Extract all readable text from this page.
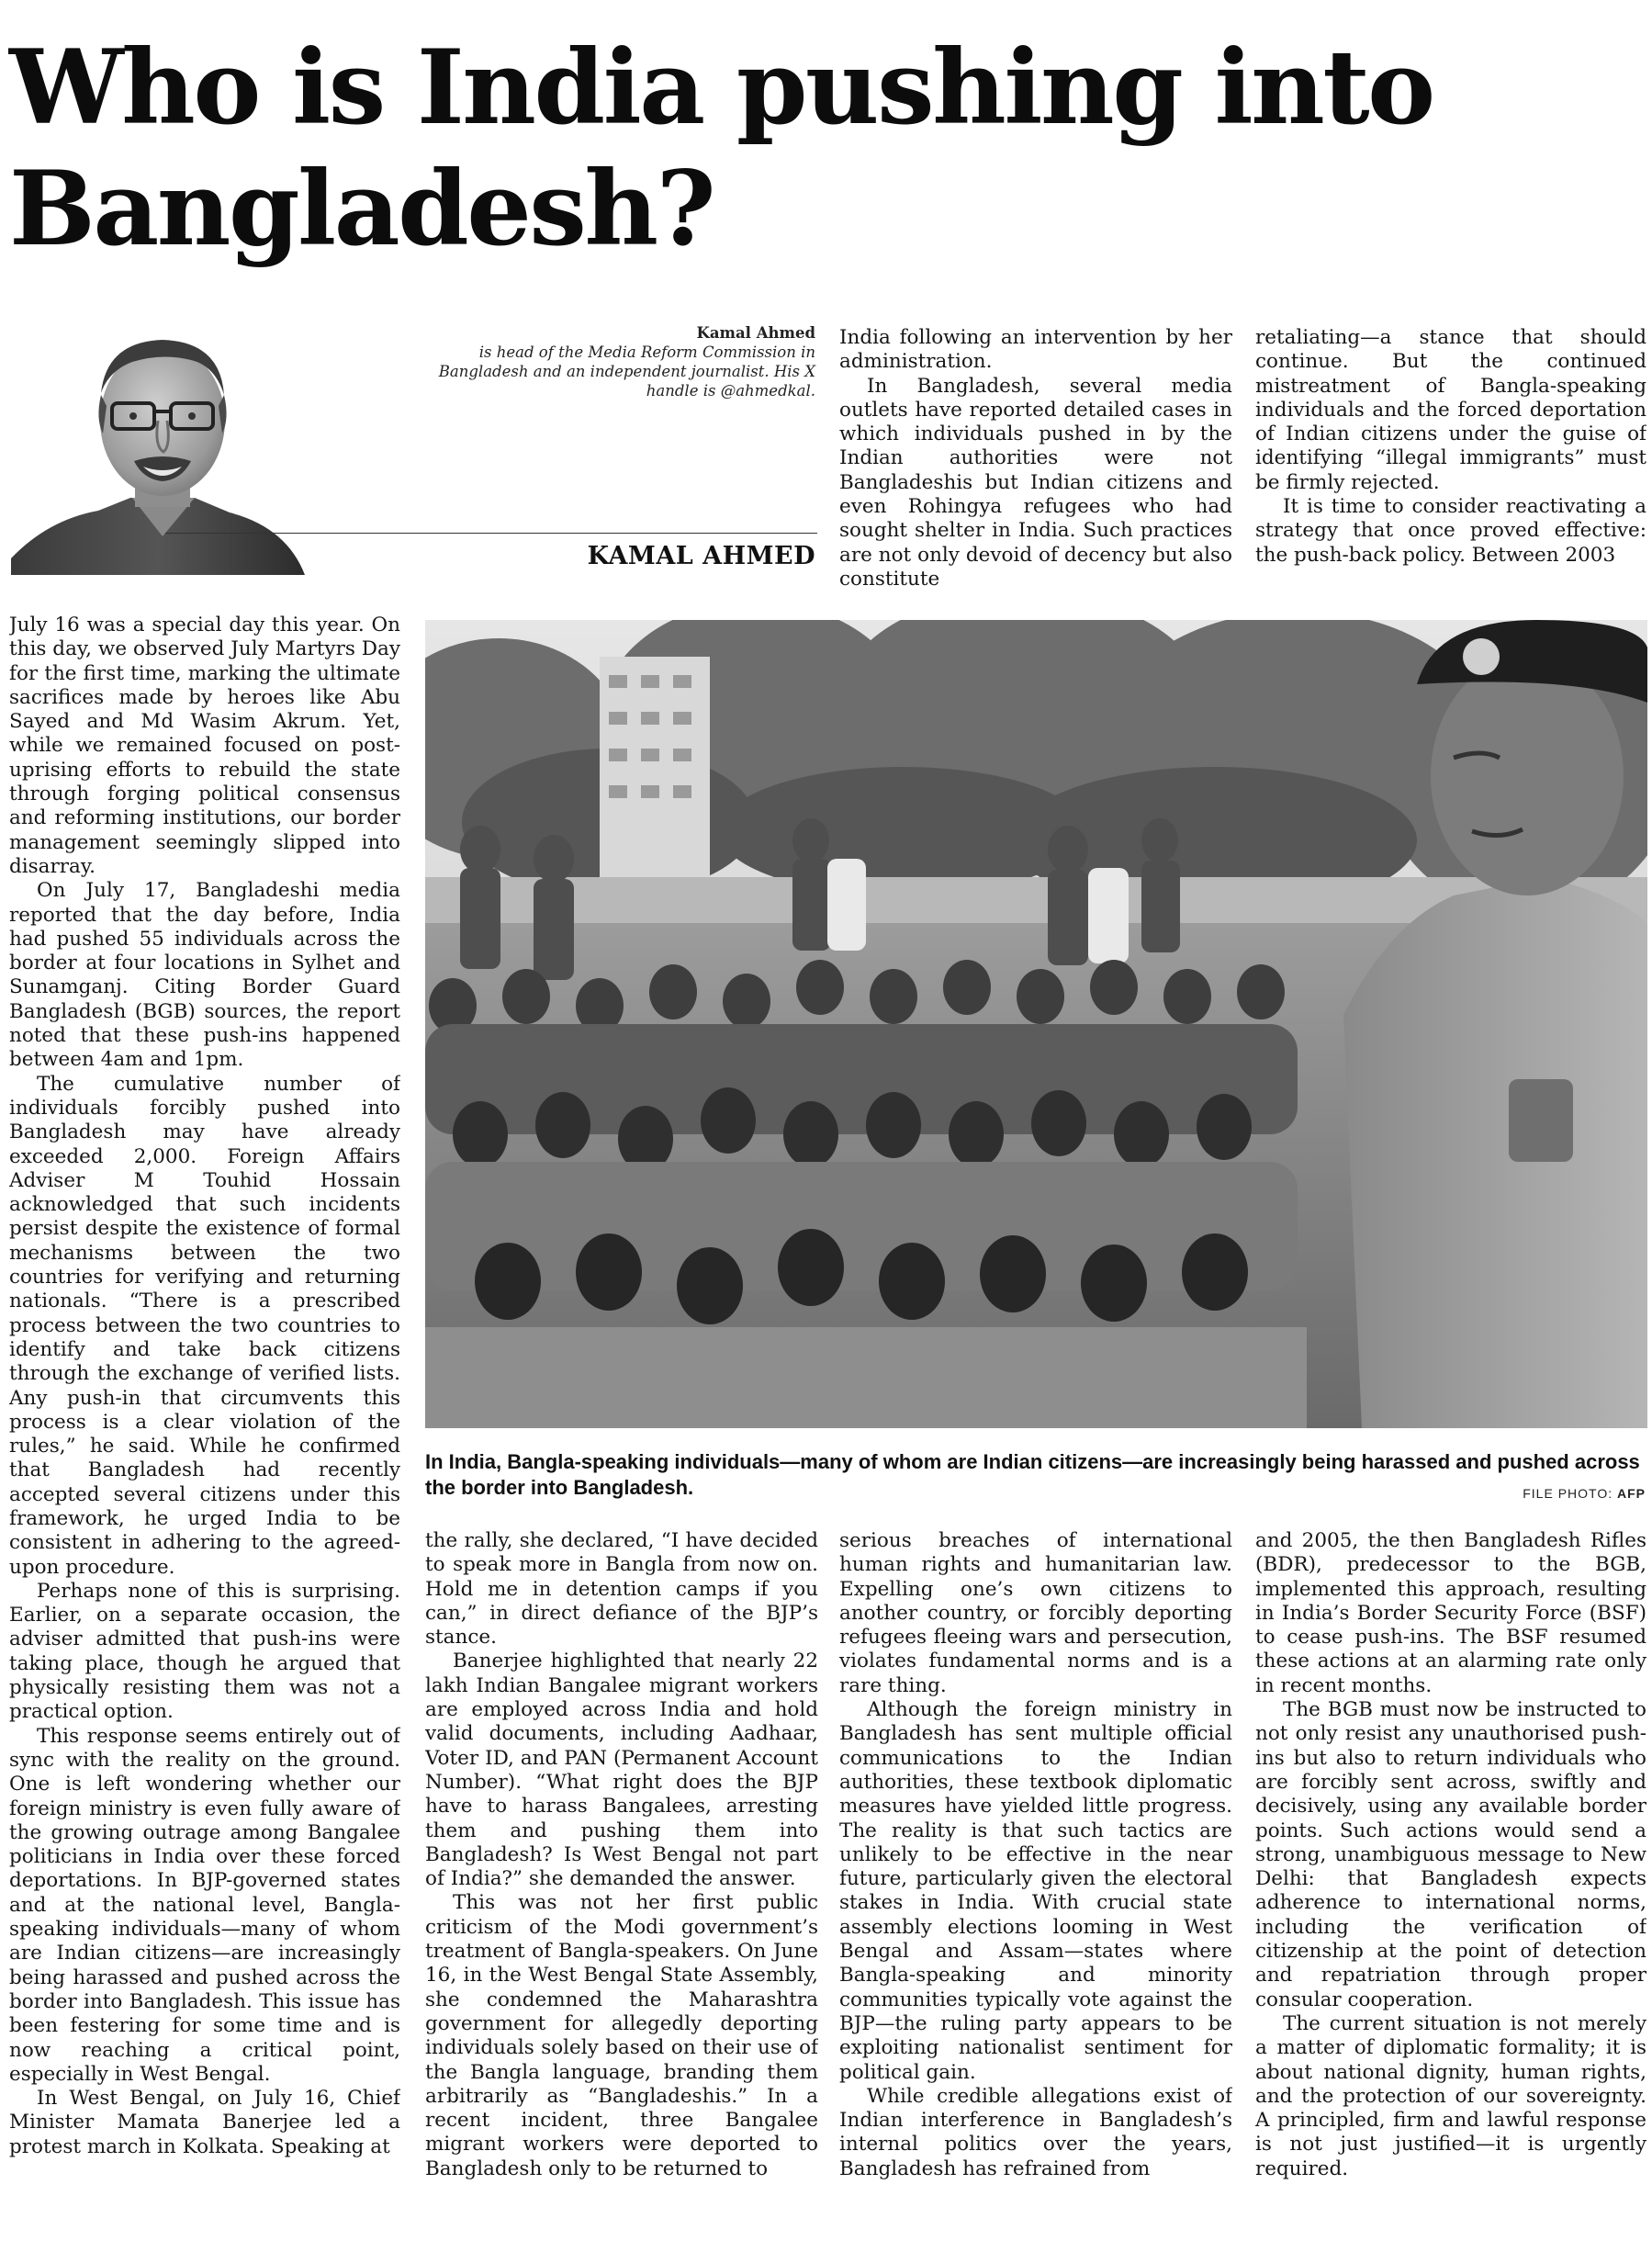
Who is India pushing into Bangladesh?
Kamal Ahmed
is head of the Media Reform Commission in Bangladesh and an independent journalist. His X handle is @ahmedkal.
KAMAL AHMED

July 16 was a special day this year. On this day, we observed July Martyrs Day for the first time, marking the ultimate sacrifices made by heroes like Abu Sayed and Md Wasim Akrum. Yet, while we remained focused on post-uprising efforts to rebuild the state through forging political consensus and reforming institutions, our border management seemingly slipped into disarray.

On July 17, Bangladeshi media reported that the day before, India had pushed 55 individuals across the border at four locations in Sylhet and Sunamganj. Citing Border Guard Bangladesh (BGB) sources, the report noted that these push-ins happened between 4am and 1pm.

The cumulative number of individuals forcibly pushed into Bangladesh may have already exceeded 2,000. Foreign Affairs Adviser M Touhid Hossain acknowledged that such incidents persist despite the existence of formal mechanisms between the two countries for verifying and returning nationals. “There is a prescribed process between the two countries to identify and take back citizens through the exchange of verified lists. Any push-in that circumvents this process is a clear violation of the rules,” he said. While he confirmed that Bangladesh had recently accepted several citizens under this framework, he urged India to be consistent in adhering to the agreed-upon procedure.

Perhaps none of this is surprising. Earlier, on a separate occasion, the adviser admitted that push-ins were taking place, though he argued that physically resisting them was not a practical option.

This response seems entirely out of sync with the reality on the ground. One is left wondering whether our foreign ministry is even fully aware of the growing outrage among Bangalee politicians in India over these forced deportations. In BJP-governed states and at the national level, Bangla-speaking individuals—many of whom are Indian citizens—are increasingly being harassed and pushed across the border into Bangladesh. This issue has been festering for some time and is now reaching a critical point, especially in West Bengal.

In West Bengal, on July 16, Chief Minister Mamata Banerjee led a protest march in Kolkata. Speaking at

India following an intervention by her administration.

In Bangladesh, several media outlets have reported detailed cases in which individuals pushed in by the Indian authorities were not Bangladeshis but Indian citizens and even Rohingya refugees who had sought shelter in India. Such practices are not only devoid of decency but also constitute

retaliating—a stance that should continue. But the continued mistreatment of Bangla-speaking individuals and the forced deportation of Indian citizens under the guise of identifying “illegal immigrants” must be firmly rejected.

It is time to consider reactivating a strategy that once proved effective: the push-back policy. Between 2003

In India, Bangla-speaking individuals—many of whom are Indian citizens—are increasingly being harassed and pushed across the border into Bangladesh.	FILE PHOTO: AFP

the rally, she declared, “I have decided to speak more in Bangla from now on. Hold me in detention camps if you can,” in direct defiance of the BJP’s stance.

Banerjee highlighted that nearly 22 lakh Indian Bangalee migrant workers are employed across India and hold valid documents, including Aadhaar, Voter ID, and PAN (Permanent Account Number). “What right does the BJP have to harass Bangalees, arresting them and pushing them into Bangladesh? Is West Bengal not part of India?” she demanded the answer.

This was not her first public criticism of the Modi government’s treatment of Bangla-speakers. On June 16, in the West Bengal State Assembly, she condemned the Maharashtra government for allegedly deporting individuals solely based on their use of the Bangla language, branding them arbitrarily as “Bangladeshis.” In a recent incident, three Bangalee migrant workers were deported to Bangladesh only to be returned to

serious breaches of international human rights and humanitarian law. Expelling one’s own citizens to another country, or forcibly deporting refugees fleeing wars and persecution, violates fundamental norms and is a rare thing.

Although the foreign ministry in Bangladesh has sent multiple official communications to the Indian authorities, these textbook diplomatic measures have yielded little progress. The reality is that such tactics are unlikely to be effective in the near future, particularly given the electoral stakes in India. With crucial state assembly elections looming in West Bengal and Assam—states where Bangla-speaking and minority communities typically vote against the BJP—the ruling party appears to be exploiting nationalist sentiment for political gain.

While credible allegations exist of Indian interference in Bangladesh’s internal politics over the years, Bangladesh has refrained from

and 2005, the then Bangladesh Rifles (BDR), predecessor to the BGB, implemented this approach, resulting in India’s Border Security Force (BSF) to cease push-ins. The BSF resumed these actions at an alarming rate only in recent months.

The BGB must now be instructed to not only resist any unauthorised push-ins but also to return individuals who are forcibly sent across, swiftly and decisively, using any available border points. Such actions would send a strong, unambiguous message to New Delhi: that Bangladesh expects adherence to international norms, including the verification of citizenship at the point of detection and repatriation through proper consular cooperation.

The current situation is not merely a matter of diplomatic formality; it is about national dignity, human rights, and the protection of our sovereignty. A principled, firm and lawful response is not just justified—it is urgently required.
